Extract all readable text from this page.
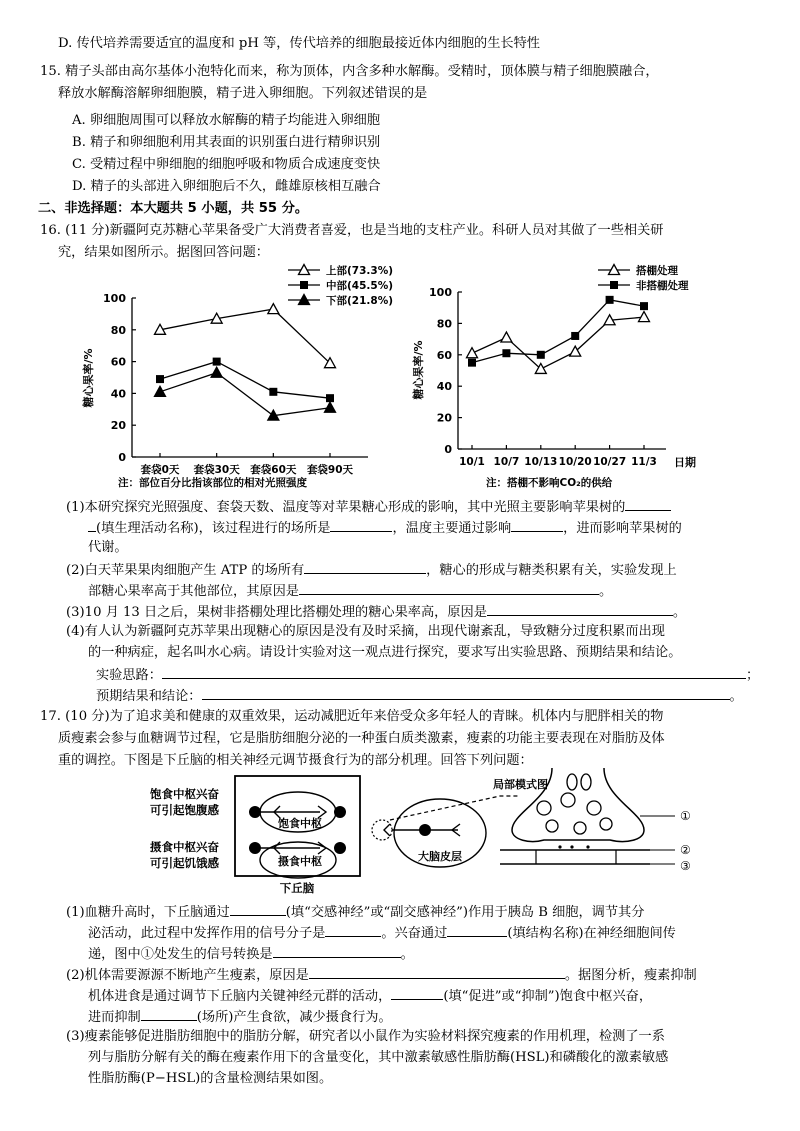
D. 传代培养需要适宜的温度和 pH 等，传代培养的细胞最接近体内细胞的生长特性
15. 精子头部由高尔基体小泡特化而来，称为顶体，内含多种水解酶。受精时，顶体膜与精子细胞膜融合，
释放水解酶溶解卵细胞膜，精子进入卵细胞。下列叙述错误的是
A. 卵细胞周围可以释放水解酶的精子均能进入卵细胞
B. 精子和卵细胞利用其表面的识别蛋白进行精卵识别
C. 受精过程中卵细胞的细胞呼吸和物质合成速度变快
D. 精子的头部进入卵细胞后不久，雌雄原核相互融合
二、非选择题：本大题共 5 小题，共 55 分。
16. (11 分)新疆阿克苏糖心苹果备受广大消费者喜爱，也是当地的支柱产业。科研人员对其做了一些相关研
究，结果如图所示。据图回答问题：
上部(73.3%)
中部(45.5%)
下部(21.8%)
0
20
40
60
80
100
套袋0天 套袋30天 套袋60天 套袋90天
糖心果率/%
注：部位百分比指该部位的相对光照强度
搭棚处理
非搭棚处理
0
20
40
60
80
100
10/1 10/7 10/13 10/20 10/27 11/3
糖心果率/%
日期
注：搭棚不影响CO₂的供给
(1)本研究探究光照强度、套袋天数、温度等对苹果糖心形成的影响，其中光照主要影响苹果树的
(填生理活动名称)，该过程进行的场所是	，温度主要通过影响	，进而影响苹果树的
代谢。
(2)白天苹果果肉细胞产生 ATP 的场所有	，糖心的形成与糖类积累有关，实验发现上
部糖心果率高于其他部位，其原因是	。
(3)10 月 13 日之后，果树非搭棚处理比搭棚处理的糖心果率高，原因是	。
(4)有人认为新疆阿克苏苹果出现糖心的原因是没有及时采摘，出现代谢紊乱，导致糖分过度积累而出现
的一种病症，起名叫水心病。请设计实验对这一观点进行探究，要求写出实验思路、预期结果和结论。
实验思路：	；
预期结果和结论：	。
17. (10 分)为了追求美和健康的双重效果，运动减肥近年来倍受众多年轻人的青睐。机体内与肥胖相关的物
质瘦素会参与血糖调节过程，它是脂肪细胞分泌的一种蛋白质类激素，瘦素的功能主要表现在对脂肪及体
重的调控。下图是下丘脑的相关神经元调节摄食行为的部分机理。回答下列问题：
饱食中枢兴奋
可引起饱腹感
摄食中枢兴奋
可引起饥饿感
下丘脑
饱食中枢
摄食中枢	大脑皮层
局部模式图
①
②
③
(1)血糖升高时，下丘脑通过	(填“交感神经”或“副交感神经”)作用于胰岛 B 细胞，调节其分
泌活动，此过程中发挥作用的信号分子是	。兴奋通过	(填结构名称)在神经细胞间传
递，图中①处发生的信号转换是	。
(2)机体需要源源不断地产生瘦素，原因是	。据图分析，瘦素抑制
机体进食是通过调节下丘脑内关键神经元群的活动，	(填“促进”或“抑制”)饱食中枢兴奋，
进而抑制	(场所)产生食欲，减少摄食行为。
(3)瘦素能够促进脂肪细胞中的脂肪分解，研究者以小鼠作为实验材料探究瘦素的作用机理，检测了一系
列与脂肪分解有关的酶在瘦素作用下的含量变化，其中激素敏感性脂肪酶(HSL)和磷酸化的激素敏感
性脂肪酶(P−HSL)的含量检测结果如图。
